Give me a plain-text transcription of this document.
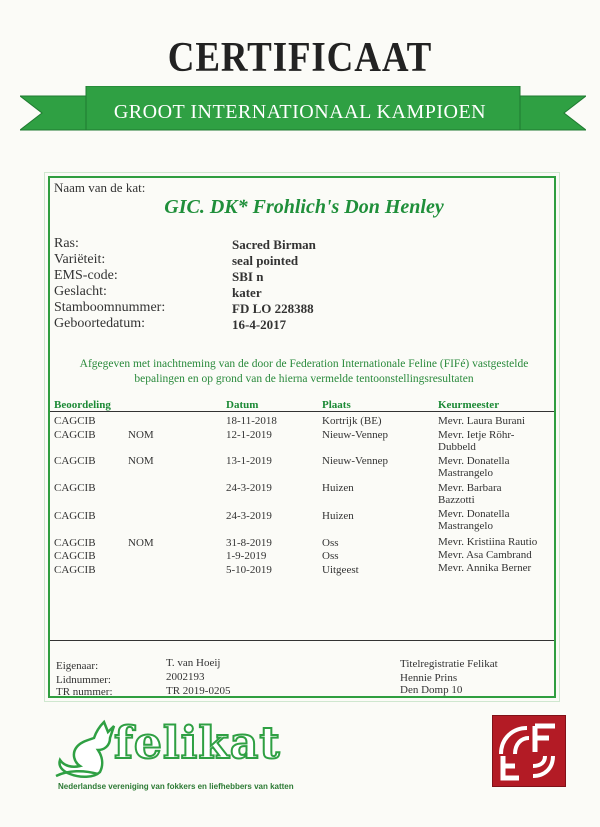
CERTIFICAAT
GROOT INTERNATIONAAL KAMPIOEN
Naam van de kat:
GIC. DK* Frohlich's Don Henley
Ras:	Sacred Birman
Variëteit:	seal pointed
EMS-code:	SBI n
Geslacht:	kater
Stamboomnummer:	FD LO 228388
Geboortedatum:	16-4-2017
Afgegeven met inachtneming van de door de Federation Internationale Feline (FIFé) vastgestelde
bepalingen en op grond van de hierna vermelde tentoonstellingsresultaten
Beoordeling	Datum	Plaats	Keurmeester
CAGCIB	18-11-2018	Kortrijk (BE)	Mevr. Laura Burani
CAGCIB	NOM	12-1-2019	Nieuw-Vennep	Mevr. Ietje Röhr-
Dubbeld
CAGCIB	NOM	13-1-2019	Nieuw-Vennep	Mevr. Donatella
Mastrangelo
CAGCIB	24-3-2019	Huizen	Mevr. Barbara
Bazzotti
CAGCIB	24-3-2019	Huizen	Mevr. Donatella
Mastrangelo
CAGCIB	NOM	31-8-2019	Oss	Mevr. Kristiina Rautio
CAGCIB	1-9-2019	Oss	Mevr. Asa Cambrand
CAGCIB	5-10-2019	Uitgeest	Mevr. Annika Berner
Eigenaar:	T. van Hoeij
Lidnummer:	2002193
TR nummer:	TR 2019-0205	Den Domp 10
Titelregistratie Felikat
Hennie Prins
felikat
Nederlandse vereniging van fokkers en liefhebbers van katten
